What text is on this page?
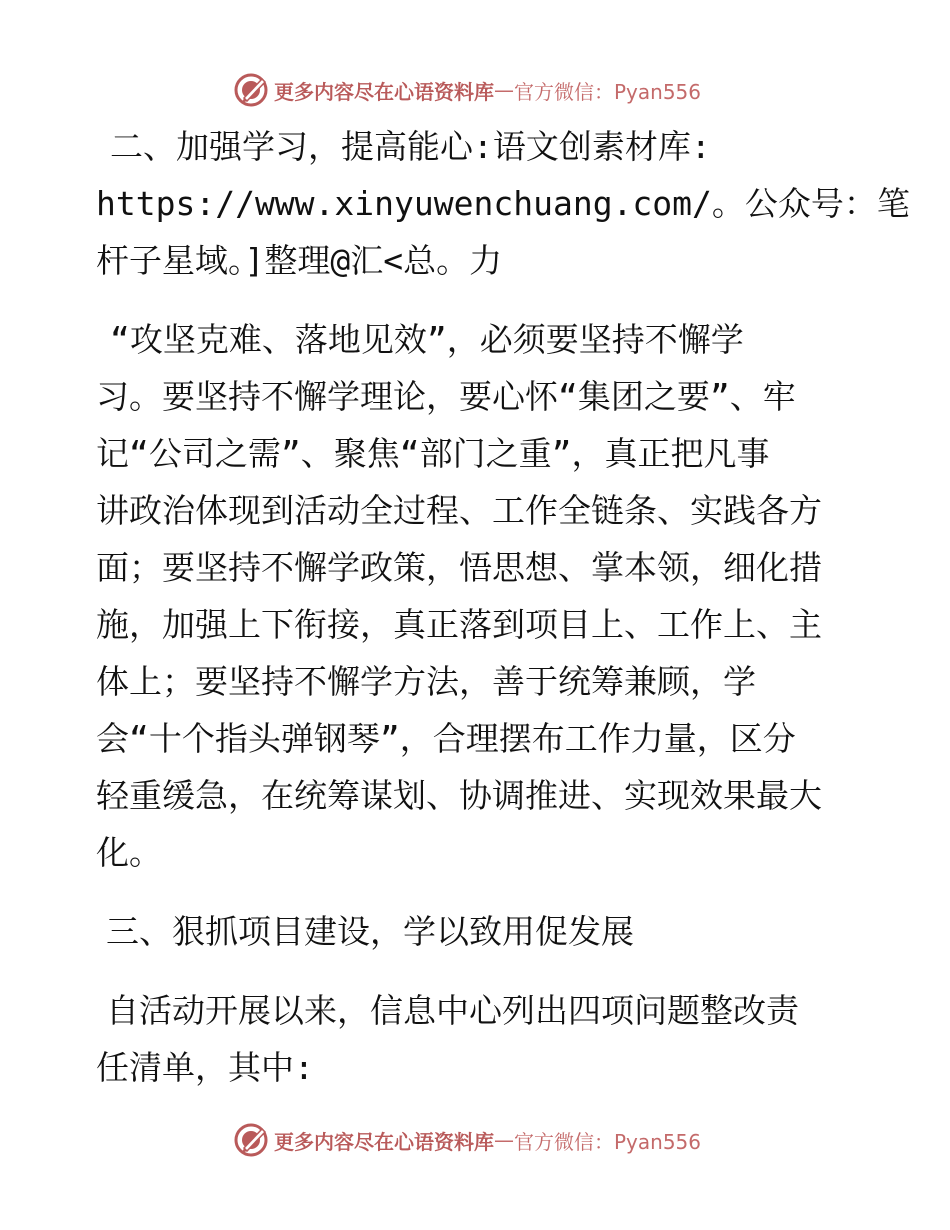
更多内容尽在心语资料库 — 官方微信：Pyan556
二、加强学习，提高能心:语文创素材库:
https://www.xinyuwenchuang.com/。公众号：笔
杆子星域。]整理@汇<总。力
“攻坚克难、落地见效”，必须要坚持不懈学
习。要坚持不懈学理论，要心怀“集团之要”、牢
记“公司之需”、聚焦“部门之重”，真正把凡事
讲政治体现到活动全过程、工作全链条、实践各方
面；要坚持不懈学政策，悟思想、掌本领，细化措
施，加强上下衔接，真正落到项目上、工作上、主
体上；要坚持不懈学方法，善于统筹兼顾，学
会“十个指头弹钢琴”，合理摆布工作力量，区分
轻重缓急，在统筹谋划、协调推进、实现效果最大
化。
三、狠抓项目建设，学以致用促发展
自活动开展以来，信息中心列出四项问题整改责
任清单，其中:
更多内容尽在心语资料库 — 官方微信：Pyan556
